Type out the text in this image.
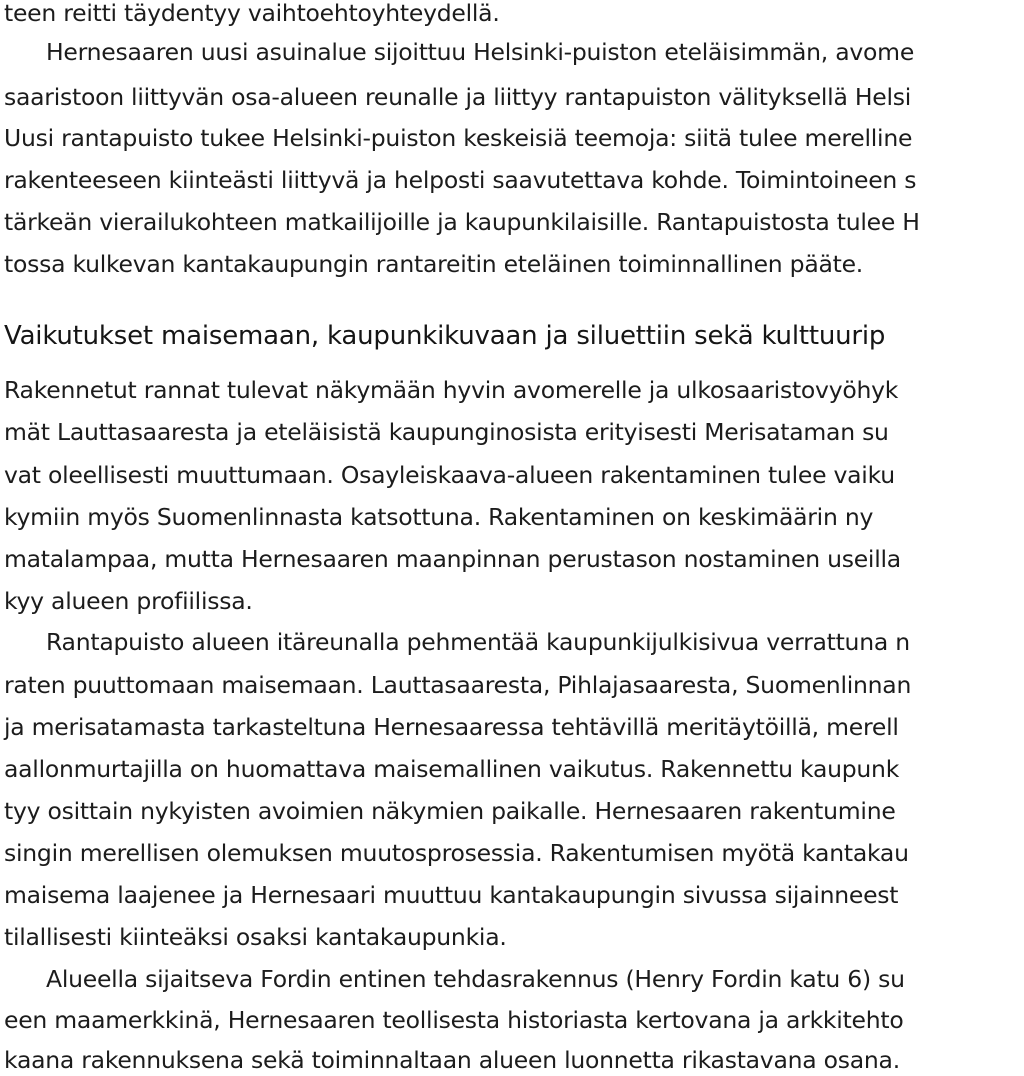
teen reitti täydentyy vaihtoehtoyhteydellä.
Hernesaaren uusi asuinalue sijoittuu Helsinki-puiston eteläisimmän, avome
saaristoon liittyvän osa-alueen reunalle ja liittyy rantapuiston välityksellä Helsi
Uusi rantapuisto tukee Helsinki-puiston keskeisiä teemoja: siitä tulee merelline
rakenteeseen kiinteästi liittyvä ja helposti saavutettava kohde. Toimintoineen s
tärkeän vierailukohteen matkailijoille ja kaupunkilaisille. Rantapuistosta tulee H
tossa kulkevan kantakaupungin rantareitin eteläinen toiminnallinen pääte.
Vaikutukset maisemaan, kaupunkikuvaan ja siluettiin sekä kulttuurip
Rakennetut rannat tulevat näkymään hyvin avomerelle ja ulkosaaristovyöhyk
mät Lauttasaaresta ja eteläisistä kaupunginosista erityisesti Merisataman su
vat oleellisesti muuttumaan. Osayleiskaava-alueen rakentaminen tulee vaiku
kymiin myös Suomenlinnasta katsottuna. Rakentaminen on keskimäärin ny
matalampaa, mutta Hernesaaren maanpinnan perustason nostaminen useilla
kyy alueen profiilissa.
Rantapuisto alueen itäreunalla pehmentää kaupunkijulkisivua verrattuna n
raten puuttomaan maisemaan. Lauttasaaresta, Pihlajasaaresta, Suomenlinnan
ja merisatamasta tarkasteltuna Hernesaaressa tehtävillä meritäytöillä, merell
aallonmurtajilla on huomattava maisemallinen vaikutus. Rakennettu kaupunk
tyy osittain nykyisten avoimien näkymien paikalle. Hernesaaren rakentumine
singin merellisen olemuksen muutosprosessia. Rakentumisen myötä kantakau
maisema laajenee ja Hernesaari muuttuu kantakaupungin sivussa sijainneest
tilallisesti kiinteäksi osaksi kantakaupunkia.
Alueella sijaitseva Fordin entinen tehdasrakennus (Henry Fordin katu 6) su
een maamerkkinä, Hernesaaren teollisesta historiasta kertovana ja arkkitehto
kaana rakennuksena sekä toiminnaltaan alueen luonnetta rikastavana osana.
